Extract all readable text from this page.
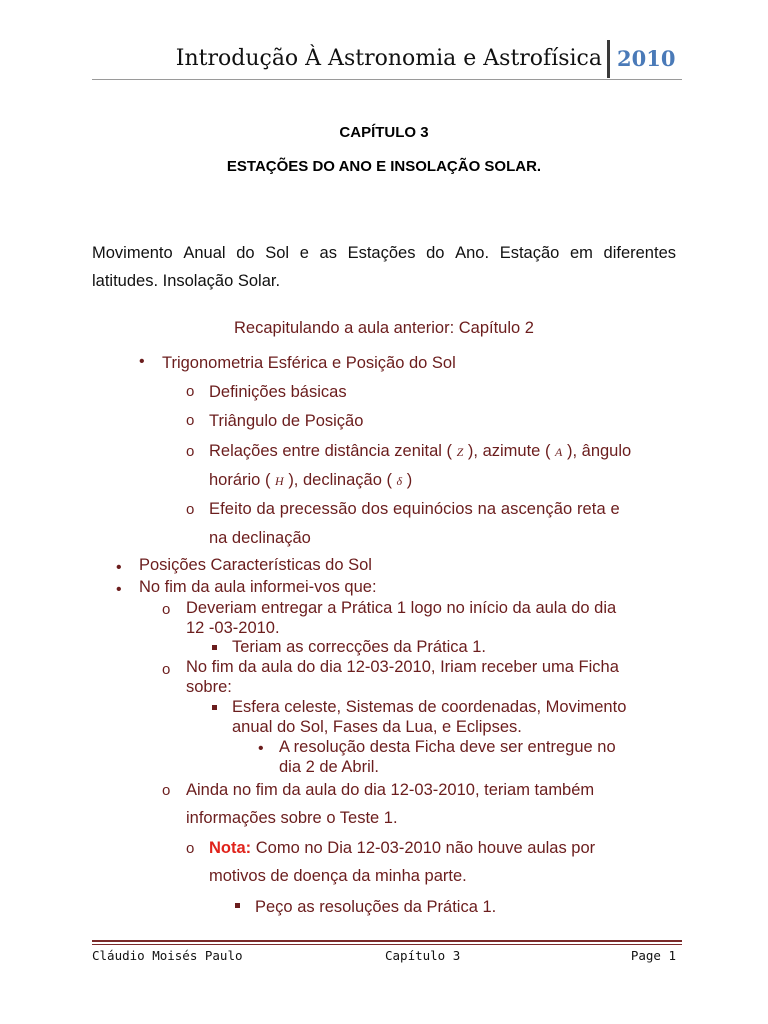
Introdução À Astronomia e Astrofísica 2010
CAPÍTULO 3
ESTAÇÕES DO ANO E INSOLAÇÃO SOLAR.
Movimento Anual do Sol e as Estações do Ano. Estação em diferentes
latitudes. Insolação Solar.
Recapitulando a aula anterior: Capítulo 2
• Trigonometria Esférica e Posição do Sol
o Definições básicas
o Triângulo de Posição
o Relações entre distância zenital ( Z ), azimute ( A ), ângulo
horário ( H ), declinação ( δ )
o Efeito da precessão dos equinócios na ascenção reta e
na declinação
• Posições Características do Sol
• No fim da aula informei-vos que:
o Deveriam entregar a Prática 1 logo no início da aula do dia
12 -03-2010.
Teriam as correcções da Prática 1.
o No fim da aula do dia 12-03-2010, Iriam receber uma Ficha
sobre:
Esfera celeste, Sistemas de coordenadas, Movimento
anual do Sol, Fases da Lua, e Eclipses.
• A resolução desta Ficha deve ser entregue no
dia 2 de Abril.
o Ainda no fim da aula do dia 12-03-2010, teriam também
informações sobre o Teste 1.
o Nota: Como no Dia 12-03-2010 não houve aulas por
motivos de doença da minha parte.
Peço as resoluções da Prática 1.
Cláudio Moisés Paulo	Capítulo 3	Page 1
